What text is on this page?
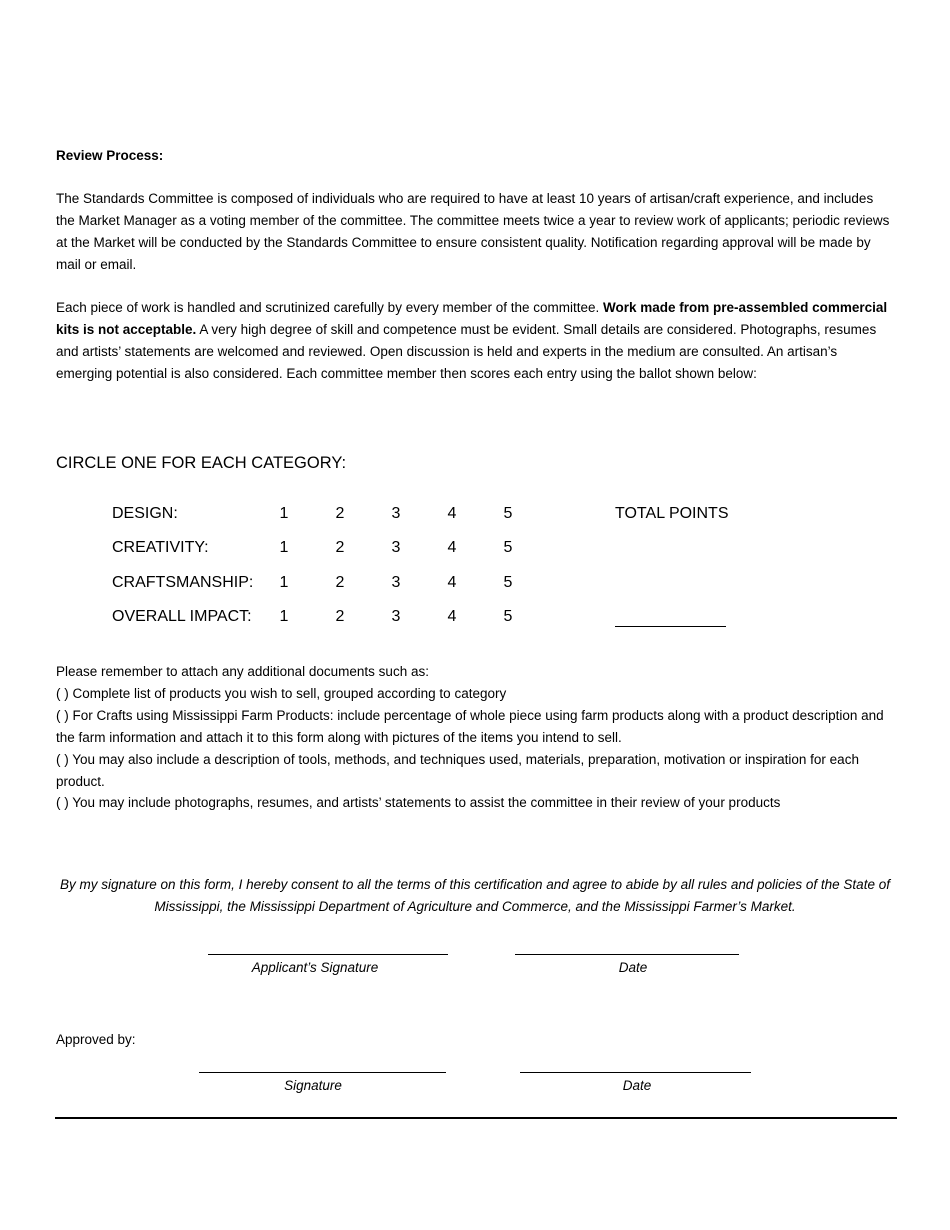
Review Process:
The Standards Committee is composed of individuals who are required to have at least 10 years of artisan/craft experience, and includes the Market Manager as a voting member of the committee. The committee meets twice a year to review work of applicants; periodic reviews at the Market will be conducted by the Standards Committee to ensure consistent quality. Notification regarding approval will be made by mail or email.
Each piece of work is handled and scrutinized carefully by every member of the committee. Work made from pre-assembled commercial kits is not acceptable. A very high degree of skill and competence must be evident. Small details are considered. Photographs, resumes and artists’ statements are welcomed and reviewed. Open discussion is held and experts in the medium are consulted. An artisan’s emerging potential is also considered. Each committee member then scores each entry using the ballot shown below:
CIRCLE ONE FOR EACH CATEGORY:
DESIGN:	1	2	3	4	5	TOTAL POINTS
CREATIVITY:	1	2	3	4	5
CRAFTSMANSHIP: 1	2	3	4	5
OVERALL IMPACT: 1	2	3	4	5
Please remember to attach any additional documents such as:
( ) Complete list of products you wish to sell, grouped according to category
( ) For Crafts using Mississippi Farm Products: include percentage of whole piece using farm products along with a product description and the farm information and attach it to this form along with pictures of the items you intend to sell.
( ) You may also include a description of tools, methods, and techniques used, materials, preparation, motivation or inspiration for each product.
( ) You may include photographs, resumes, and artists’ statements to assist the committee in their review of your products
By my signature on this form, I hereby consent to all the terms of this certification and agree to abide by all rules and policies of the State of Mississippi, the Mississippi Department of Agriculture and Commerce, and the Mississippi Farmer’s Market.
Applicant’s Signature	Date
Approved by:
Signature	Date
